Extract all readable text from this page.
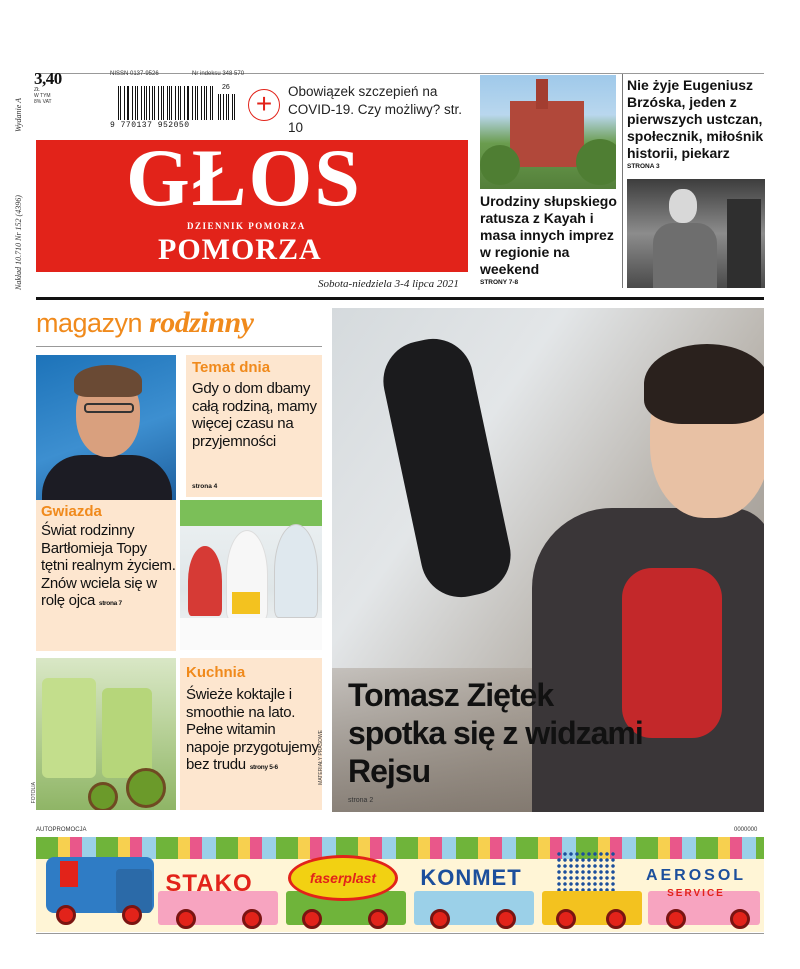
Wydanie A
Nakład 10.710 Nr 152 (4396)
3,40
ZŁ
W TYM
8% VAT
NISSN 0137-9526	Nr indeksu 348 570
9 770137 952050
26
+	Obowiązek szczepień na COVID-19. Czy możliwy? str. 10
GŁOS
DZIENNIK POMORZA
POMORZA
Sobota-niedziela 3-4 lipca 2021
Urodziny słupskiego ratusza z Kayah i masa innych imprez w regionie na weekend
STRONY 7-8
Nie żyje Eugeniusz Brzóska, jeden z pierwszych ustczan, społecznik, miłośnik historii, piekarz
STRONA 3
magazyn rodzinny
Gwiazda
Świat rodzinny Bartłomieja Topy tętni realnym życiem. Znów wciela się w rolę ojca strona 7
Temat dnia
Gdy o dom dbamy całą rodziną, mamy więcej czasu na przyjemności
strona 4
FOTOLIA
Kuchnia
Świeże koktajle i smoothie na lato. Pełne witamin napoje przygotujemy bez trudu strony 5-6	MATERIAŁY PRASOWE
Tomasz Ziętek spotka się z widzami Rejsu
strona 2
AUTOPROMOCJA	0000000
STAKO	faserplast	KONMET	AEROSOL
SERVICE
